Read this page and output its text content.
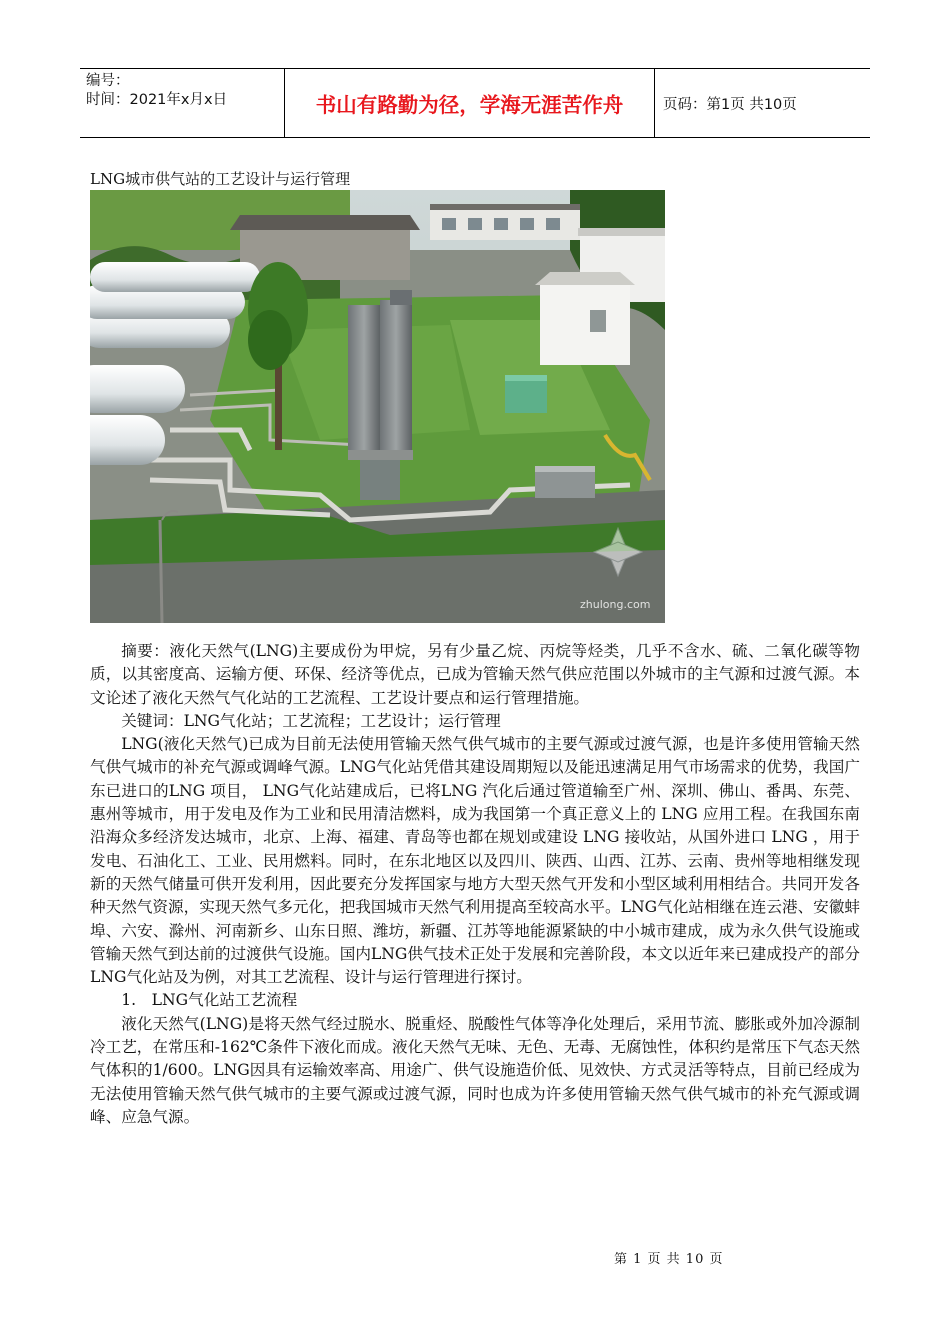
编号：
时间：2021年x月x日	书山有路勤为径，学海无涯苦作舟	页码：第1页 共10页
LNG城市供气站的工艺设计与运行管理
zhulong.com

摘要：液化天然气(LNG)主要成份为甲烷，另有少量乙烷、丙烷等烃类，几乎不含水、硫、二氧化碳等物质，以其密度高、运输方便、环保、经济等优点，已成为管输天然气供应范围以外城市的主气源和过渡气源。本文论述了液化天然气气化站的工艺流程、工艺设计要点和运行管理措施。

关键词：LNG气化站；工艺流程；工艺设计；运行管理

LNG(液化天然气)已成为目前无法使用管输天然气供气城市的主要气源或过渡气源，也是许多使用管输天然气供气城市的补充气源或调峰气源。LNG气化站凭借其建设周期短以及能迅速满足用气市场需求的优势，我国广东已进口的LNG 项目， LNG气化站建成后，已将LNG 汽化后通过管道输至广州、深圳、佛山、番禺、东莞、惠州等城市，用于发电及作为工业和民用清洁燃料，成为我国第一个真正意义上的 LNG 应用工程。在我国东南沿海众多经济发达城市，北京、上海、福建、青岛等也都在规划或建设 LNG 接收站，从国外进口 LNG ，用于发电、石油化工、工业、民用燃料。同时，在东北地区以及四川、陕西、山西、江苏、云南、贵州等地相继发现新的天然气储量可供开发利用，因此要充分发挥国家与地方大型天然气开发和小型区域利用相结合。共同开发各种天然气资源，实现天然气多元化，把我国城市天然气利用提高至较高水平。LNG气化站相继在连云港、安徽蚌埠、六安、滁州、河南新乡、山东日照、潍坊，新疆、江苏等地能源紧缺的中小城市建成，成为永久供气设施或管输天然气到达前的过渡供气设施。国内LNG供气技术正处于发展和完善阶段，本文以近年来已建成投产的部分LNG气化站及为例，对其工艺流程、设计与运行管理进行探讨。

1.　LNG气化站工艺流程

液化天然气(LNG)是将天然气经过脱水、脱重烃、脱酸性气体等净化处理后，采用节流、膨胀或外加冷源制冷工艺，在常压和-162℃条件下液化而成。液化天然气无味、无色、无毒、无腐蚀性，体积约是常压下气态天然气体积的1/600。LNG因具有运输效率高、用途广、供气设施造价低、见效快、方式灵活等特点，目前已经成为无法使用管输天然气供气城市的主要气源或过渡气源，同时也成为许多使用管输天然气供气城市的补充气源或调峰、应急气源。

第 1 页 共 10 页
